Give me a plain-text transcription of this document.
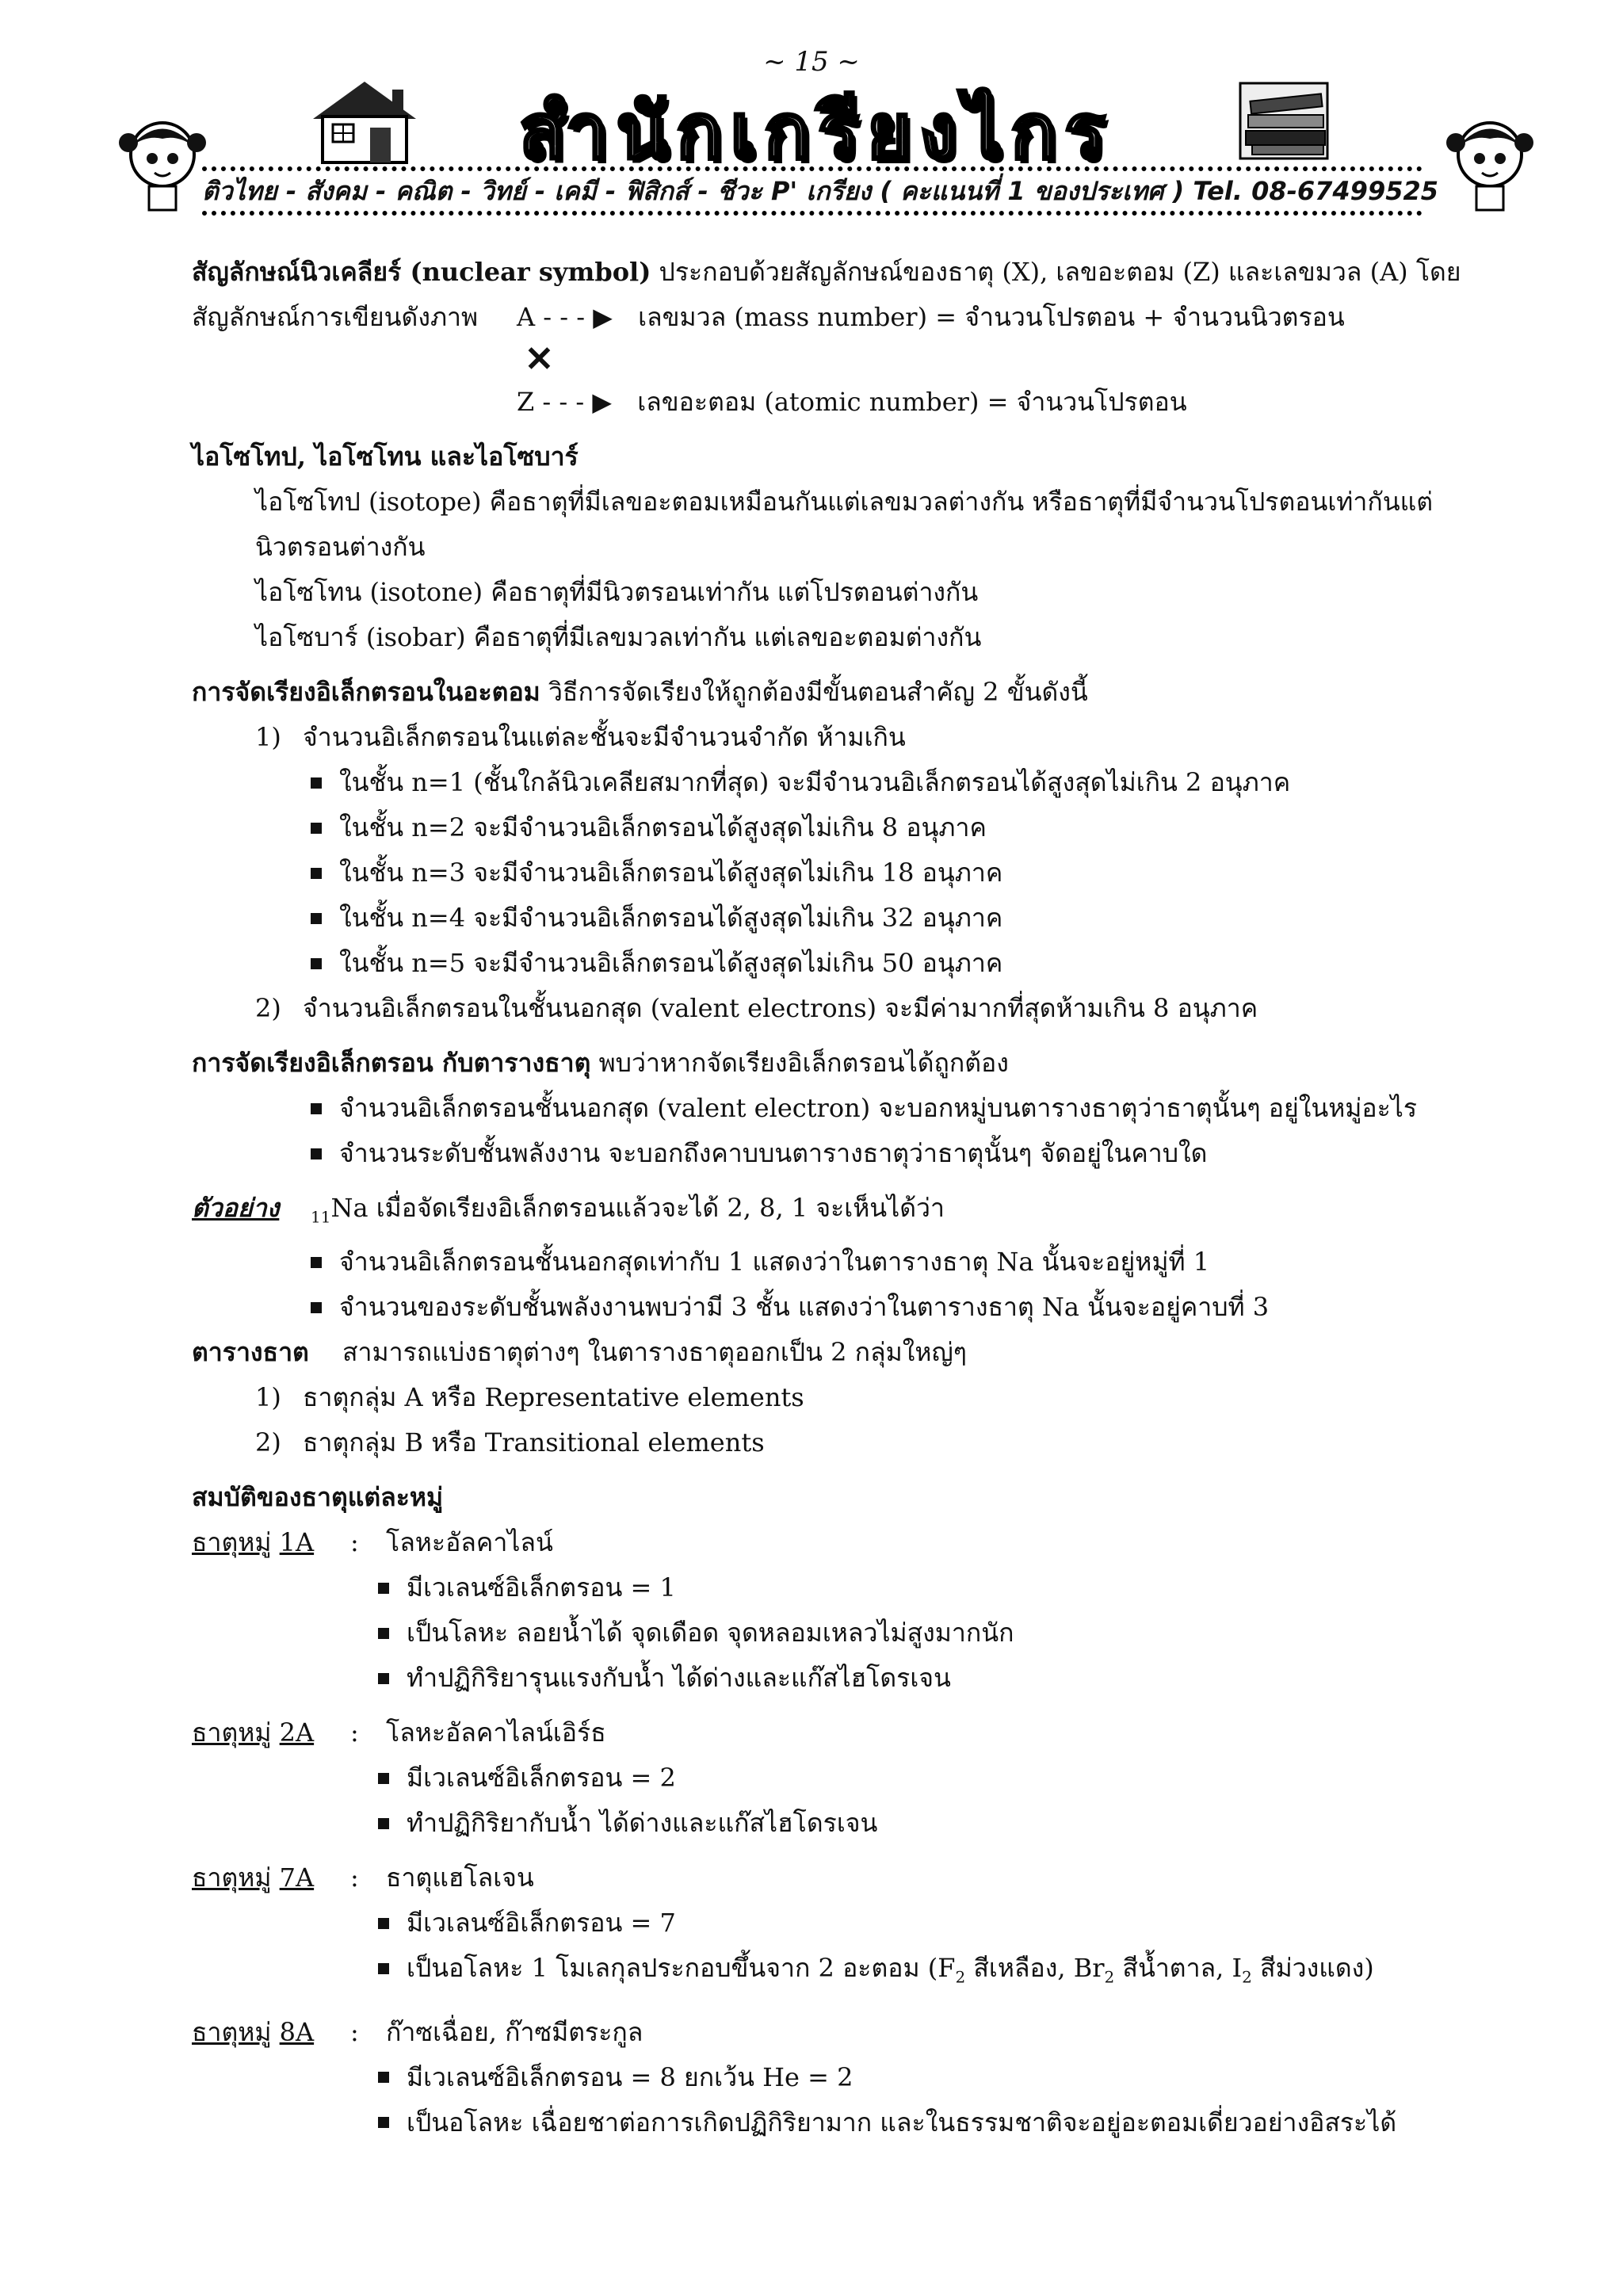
~ 15 ~
สำนักเกรียงไกร
ติวไทย - สังคม - คณิต - วิทย์ - เคมี - ฟิสิกส์ - ชีวะ P' เกรียง ( คะแนนที่ 1 ของประเทศ ) Tel. 08-67499525
สัญลักษณ์นิวเคลียร์ (nuclear symbol) ประกอบด้วยสัญลักษณ์ของธาตุ (X), เลขอะตอม (Z) และเลขมวล (A) โดย
สัญลักษณ์การเขียนดังภาพ A - - - ▶ เลขมวล (mass number) = จำนวนโปรตอน + จำนวนนิวตรอน
✕
Z - - - ▶ เลขอะตอม (atomic number) = จำนวนโปรตอน
ไอโซโทป, ไอโซโทน และไอโซบาร์
ไอโซโทป (isotope) คือธาตุที่มีเลขอะตอมเหมือนกันแต่เลขมวลต่างกัน หรือธาตุที่มีจำนวนโปรตอนเท่ากันแต่
นิวตรอนต่างกัน
ไอโซโทน (isotone) คือธาตุที่มีนิวตรอนเท่ากัน แต่โปรตอนต่างกัน
ไอโซบาร์ (isobar) คือธาตุที่มีเลขมวลเท่ากัน แต่เลขอะตอมต่างกัน
การจัดเรียงอิเล็กตรอนในอะตอม วิธีการจัดเรียงให้ถูกต้องมีขั้นตอนสำคัญ 2 ขั้นดังนี้
1) จำนวนอิเล็กตรอนในแต่ละชั้นจะมีจำนวนจำกัด ห้ามเกิน
ในชั้น n=1 (ชั้นใกล้นิวเคลียสมากที่สุด) จะมีจำนวนอิเล็กตรอนได้สูงสุดไม่เกิน 2 อนุภาค
ในชั้น n=2 จะมีจำนวนอิเล็กตรอนได้สูงสุดไม่เกิน 8 อนุภาค
ในชั้น n=3 จะมีจำนวนอิเล็กตรอนได้สูงสุดไม่เกิน 18 อนุภาค
ในชั้น n=4 จะมีจำนวนอิเล็กตรอนได้สูงสุดไม่เกิน 32 อนุภาค
ในชั้น n=5 จะมีจำนวนอิเล็กตรอนได้สูงสุดไม่เกิน 50 อนุภาค
2) จำนวนอิเล็กตรอนในชั้นนอกสุด (valent electrons) จะมีค่ามากที่สุดห้ามเกิน 8 อนุภาค
การจัดเรียงอิเล็กตรอน กับตารางธาตุ พบว่าหากจัดเรียงอิเล็กตรอนได้ถูกต้อง
จำนวนอิเล็กตรอนชั้นนอกสุด (valent electron) จะบอกหมู่บนตารางธาตุว่าธาตุนั้นๆ อยู่ในหมู่อะไร
จำนวนระดับชั้นพลังงาน จะบอกถึงคาบบนตารางธาตุว่าธาตุนั้นๆ จัดอยู่ในคาบใด
ตัวอย่าง $_{11}$Na เมื่อจัดเรียงอิเล็กตรอนแล้วจะได้ 2, 8, 1 จะเห็นได้ว่า
จำนวนอิเล็กตรอนชั้นนอกสุดเท่ากับ 1 แสดงว่าในตารางธาตุ Na นั้นจะอยู่หมู่ที่ 1
จำนวนของระดับชั้นพลังงานพบว่ามี 3 ชั้น แสดงว่าในตารางธาตุ Na นั้นจะอยู่คาบที่ 3
ตารางธาต สามารถแบ่งธาตุต่างๆ ในตารางธาตุออกเป็น 2 กลุ่มใหญ่ๆ
1) ธาตุกลุ่ม A หรือ Representative elements
2) ธาตุกลุ่ม B หรือ Transitional elements
สมบัติของธาตุแต่ละหมู่
ธาตุหมู่ 1A : โลหะอัลคาไลน์
มีเวเลนซ์อิเล็กตรอน = 1
เป็นโลหะ ลอยน้ำได้ จุดเดือด จุดหลอมเหลวไม่สูงมากนัก
ทำปฏิกิริยารุนแรงกับน้ำ ได้ด่างและแก๊สไฮโดรเจน
ธาตุหมู่ 2A : โลหะอัลคาไลน์เอิร์ธ
มีเวเลนซ์อิเล็กตรอน = 2
ทำปฏิกิริยากับน้ำ ได้ด่างและแก๊สไฮโดรเจน
ธาตุหมู่ 7A : ธาตุแฮโลเจน
มีเวเลนซ์อิเล็กตรอน = 7
เป็นอโลหะ 1 โมเลกุลประกอบขึ้นจาก 2 อะตอม ($F_2$ สีเหลือง, $Br_2$ สีน้ำตาล, $I_2$ สีม่วงแดง)
ธาตุหมู่ 8A : ก๊าซเฉื่อย, ก๊าซมีตระกูล
มีเวเลนซ์อิเล็กตรอน = 8 ยกเว้น He = 2
เป็นอโลหะ เฉื่อยชาต่อการเกิดปฏิกิริยามาก และในธรรมชาติจะอยู่อะตอมเดี่ยวอย่างอิสระได้
